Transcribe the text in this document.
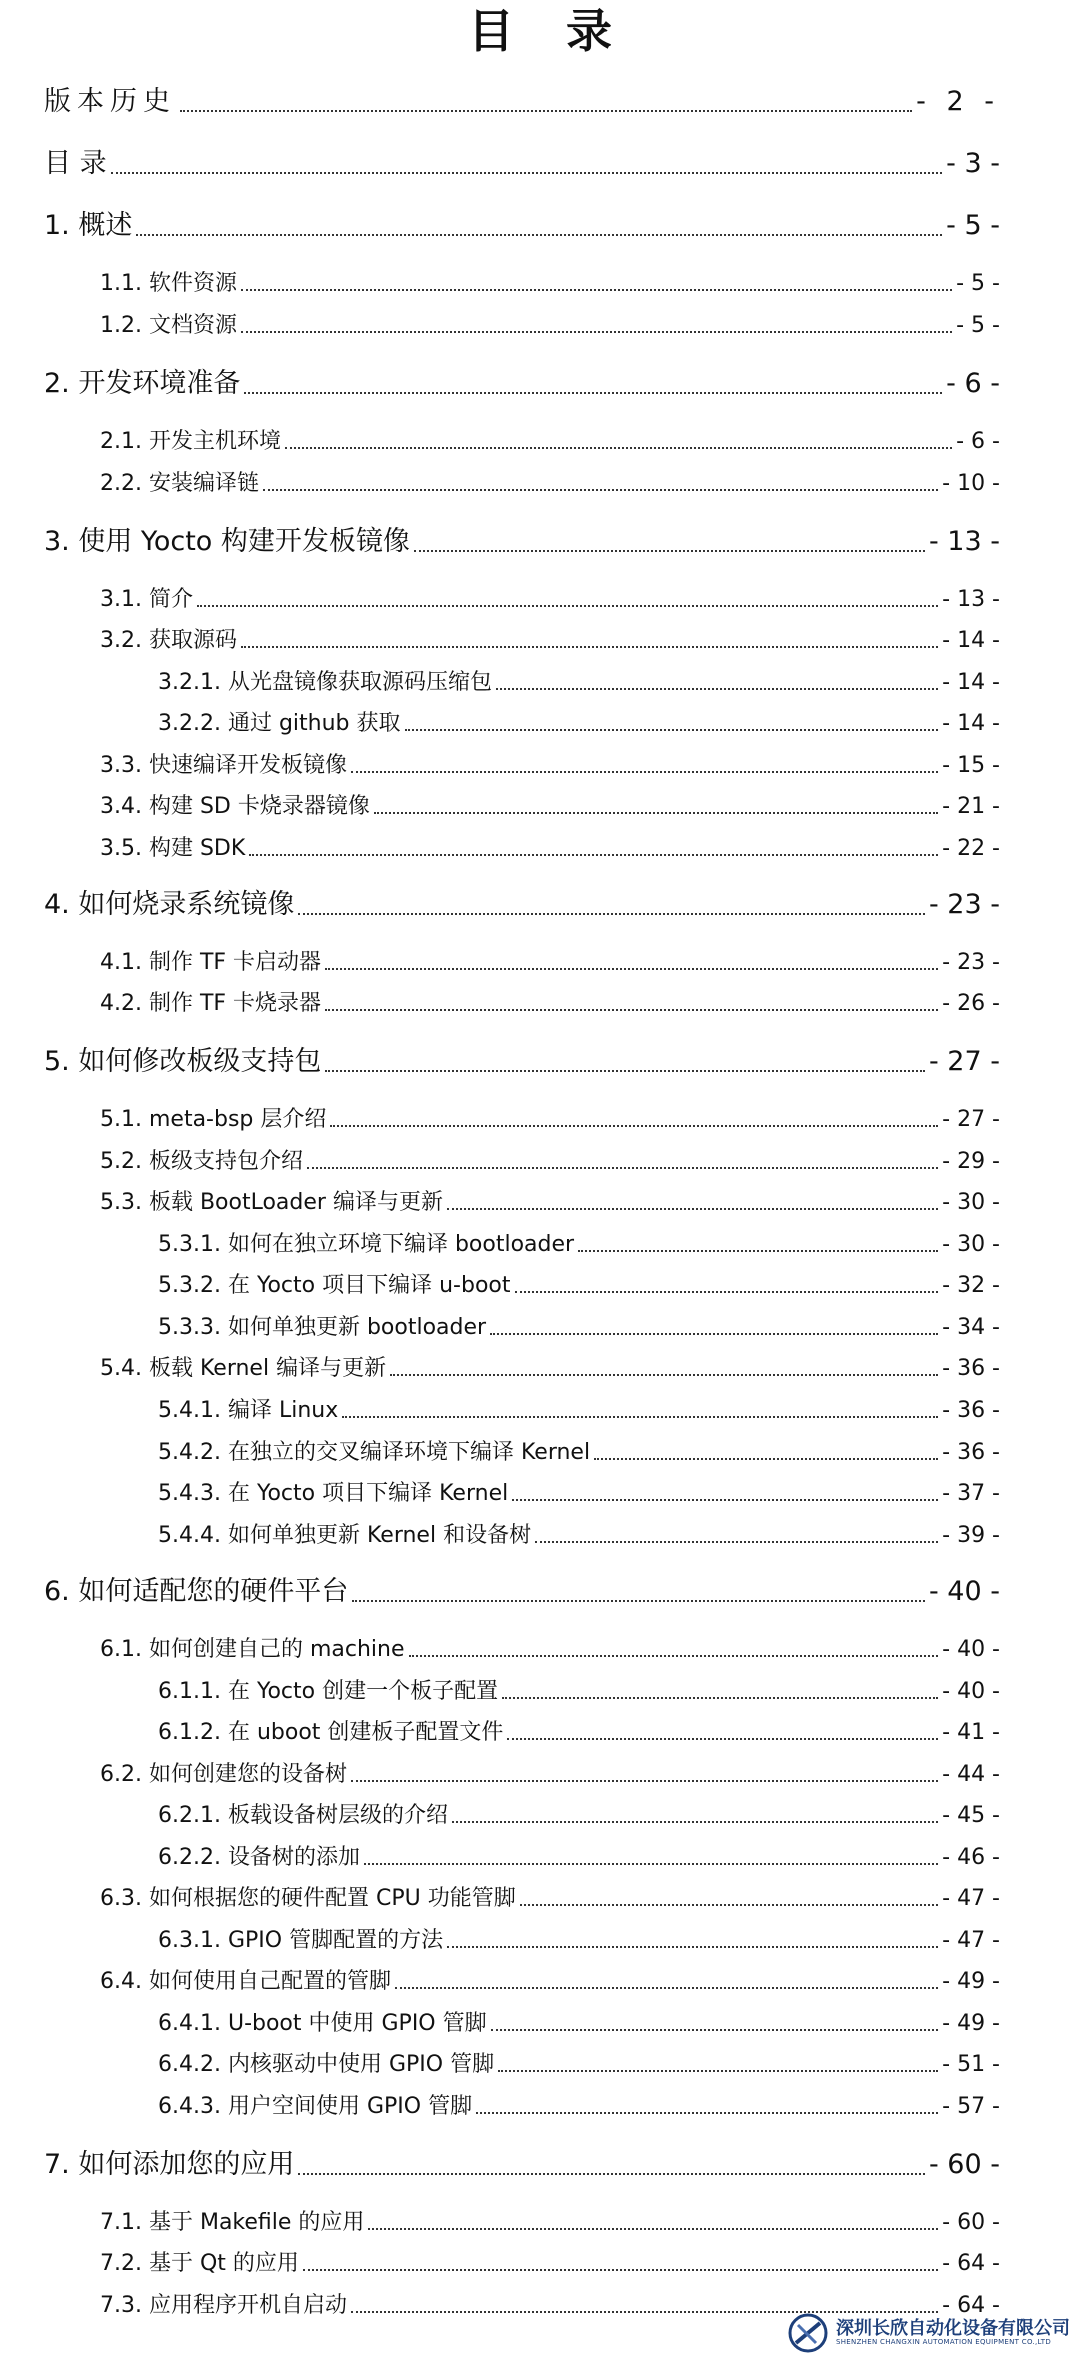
目 录
版本历史	- 2 -
目 录	- 3 -
1. 概述	- 5 -
1.1. 软件资源	- 5 -
1.2. 文档资源	- 5 -
2. 开发环境准备	- 6 -
2.1. 开发主机环境	- 6 -
2.2. 安装编译链	- 10 -
3. 使用 Yocto 构建开发板镜像	- 13 -
3.1. 简介	- 13 -
3.2. 获取源码	- 14 -
3.2.1. 从光盘镜像获取源码压缩包	- 14 -
3.2.2. 通过 github 获取	- 14 -
3.3. 快速编译开发板镜像	- 15 -
3.4. 构建 SD 卡烧录器镜像	- 21 -
3.5. 构建 SDK	- 22 -
4. 如何烧录系统镜像	- 23 -
4.1. 制作 TF 卡启动器	- 23 -
4.2. 制作 TF 卡烧录器	- 26 -
5. 如何修改板级支持包	- 27 -
5.1. meta-bsp 层介绍	- 27 -
5.2. 板级支持包介绍	- 29 -
5.3. 板载 BootLoader 编译与更新	- 30 -
5.3.1. 如何在独立环境下编译 bootloader	- 30 -
5.3.2. 在 Yocto 项目下编译 u-boot	- 32 -
5.3.3. 如何单独更新 bootloader	- 34 -
5.4. 板载 Kernel 编译与更新	- 36 -
5.4.1. 编译 Linux	- 36 -
5.4.2. 在独立的交叉编译环境下编译 Kernel	- 36 -
5.4.3. 在 Yocto 项目下编译 Kernel	- 37 -
5.4.4. 如何单独更新 Kernel 和设备树	- 39 -
6. 如何适配您的硬件平台	- 40 -
6.1. 如何创建自己的 machine	- 40 -
6.1.1. 在 Yocto 创建一个板子配置	- 40 -
6.1.2. 在 uboot 创建板子配置文件	- 41 -
6.2. 如何创建您的设备树	- 44 -
6.2.1. 板载设备树层级的介绍	- 45 -
6.2.2. 设备树的添加	- 46 -
6.3. 如何根据您的硬件配置 CPU 功能管脚	- 47 -
6.3.1. GPIO 管脚配置的方法	- 47 -
6.4. 如何使用自己配置的管脚	- 49 -
6.4.1. U-boot 中使用 GPIO 管脚	- 49 -
6.4.2. 内核驱动中使用 GPIO 管脚	- 51 -
6.4.3. 用户空间使用 GPIO 管脚	- 57 -
7. 如何添加您的应用	- 60 -
7.1. 基于 Makefile 的应用	- 60 -
7.2. 基于 Qt 的应用	- 64 -
7.3. 应用程序开机自启动	- 64 -
深圳长欣自动化设备有限公司
SHENZHEN CHANGXIN AUTOMATION EQUIPMENT CO.,LTD
